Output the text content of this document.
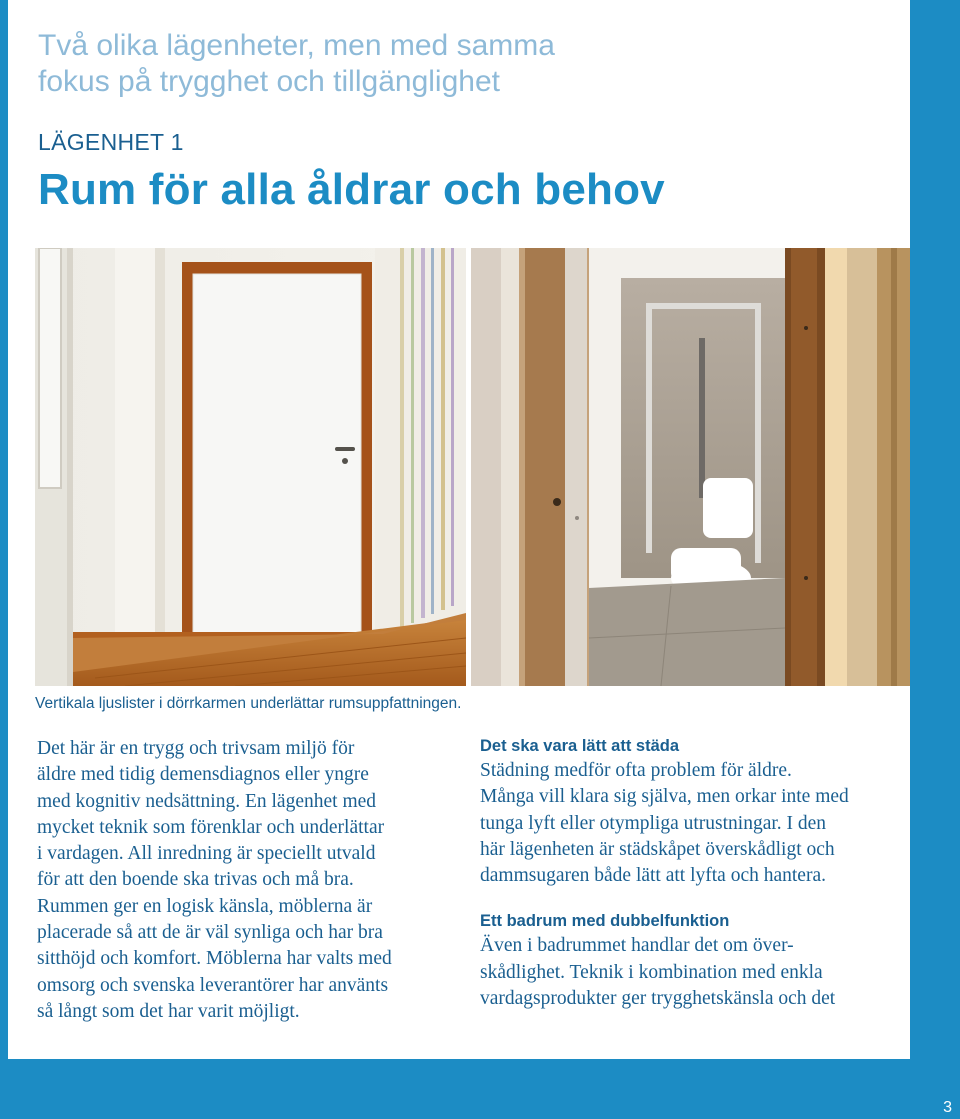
Två olika lägenheter, men med samma
fokus på trygghet och tillgänglighet

LÄGENHET 1

Rum för alla åldrar och behov

Vertikala ljuslister i dörrkarmen underlättar rumsuppfattningen.

Det här är en trygg och trivsam miljö för
äldre med tidig demensdiagnos eller yngre
med kognitiv nedsättning. En lägenhet med
mycket teknik som förenklar och underlättar
i vardagen. All inredning är speciellt utvald
för att den boende ska trivas och må bra.
Rummen ger en logisk känsla, möblerna är
placerade så att de är väl synliga och har bra
sitthöjd och komfort. Möblerna har valts med
omsorg och svenska leverantörer har använts
så långt som det har varit möjligt.

Det ska vara lätt att städa

Städning medför ofta problem för äldre.
Många vill klara sig själva, men orkar inte med
tunga lyft eller otympliga utrustningar. I den
här lägenheten är städskåpet överskådligt och
dammsugaren både lätt att lyfta och hantera.

Ett badrum med dubbelfunktion

Även i badrummet handlar det om över-
skådlighet. Teknik i kombination med enkla
vardagsprodukter ger trygghetskänsla och det

3
